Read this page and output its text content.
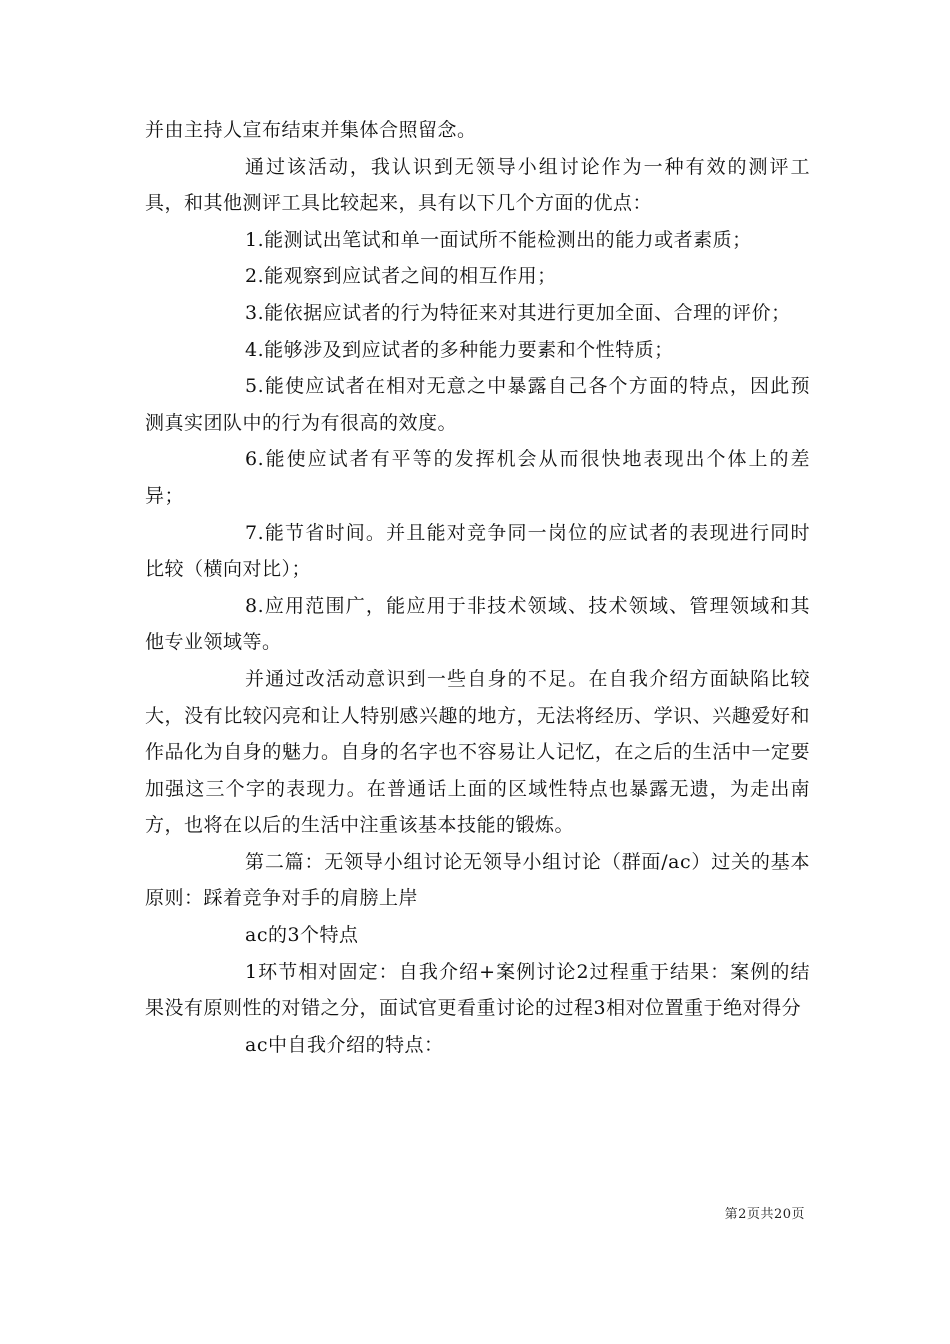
并由主持人宣布结束并集体合照留念。

通过该活动，我认识到无领导小组讨论作为一种有效的测评工具，和其他测评工具比较起来，具有以下几个方面的优点：

1.能测试出笔试和单一面试所不能检测出的能力或者素质；

2.能观察到应试者之间的相互作用；

3.能依据应试者的行为特征来对其进行更加全面、合理的评价；

4.能够涉及到应试者的多种能力要素和个性特质；

5.能使应试者在相对无意之中暴露自己各个方面的特点，因此预测真实团队中的行为有很高的效度。

6.能使应试者有平等的发挥机会从而很快地表现出个体上的差异；

7.能节省时间。并且能对竞争同一岗位的应试者的表现进行同时比较（横向对比）；

8.应用范围广，能应用于非技术领域、技术领域、管理领域和其他专业领域等。

并通过改活动意识到一些自身的不足。在自我介绍方面缺陷比较大，没有比较闪亮和让人特别感兴趣的地方，无法将经历、学识、兴趣爱好和作品化为自身的魅力。自身的名字也不容易让人记忆，在之后的生活中一定要加强这三个字的表现力。在普通话上面的区域性特点也暴露无遗，为走出南方，也将在以后的生活中注重该基本技能的锻炼。

第二篇：无领导小组讨论无领导小组讨论（群面/ac）过关的基本原则：踩着竞争对手的肩膀上岸

ac的3个特点

1环节相对固定：自我介绍+案例讨论2过程重于结果：案例的结果没有原则性的对错之分，面试官更看重讨论的过程3相对位置重于绝对得分

ac中自我介绍的特点：

第2页共20页
